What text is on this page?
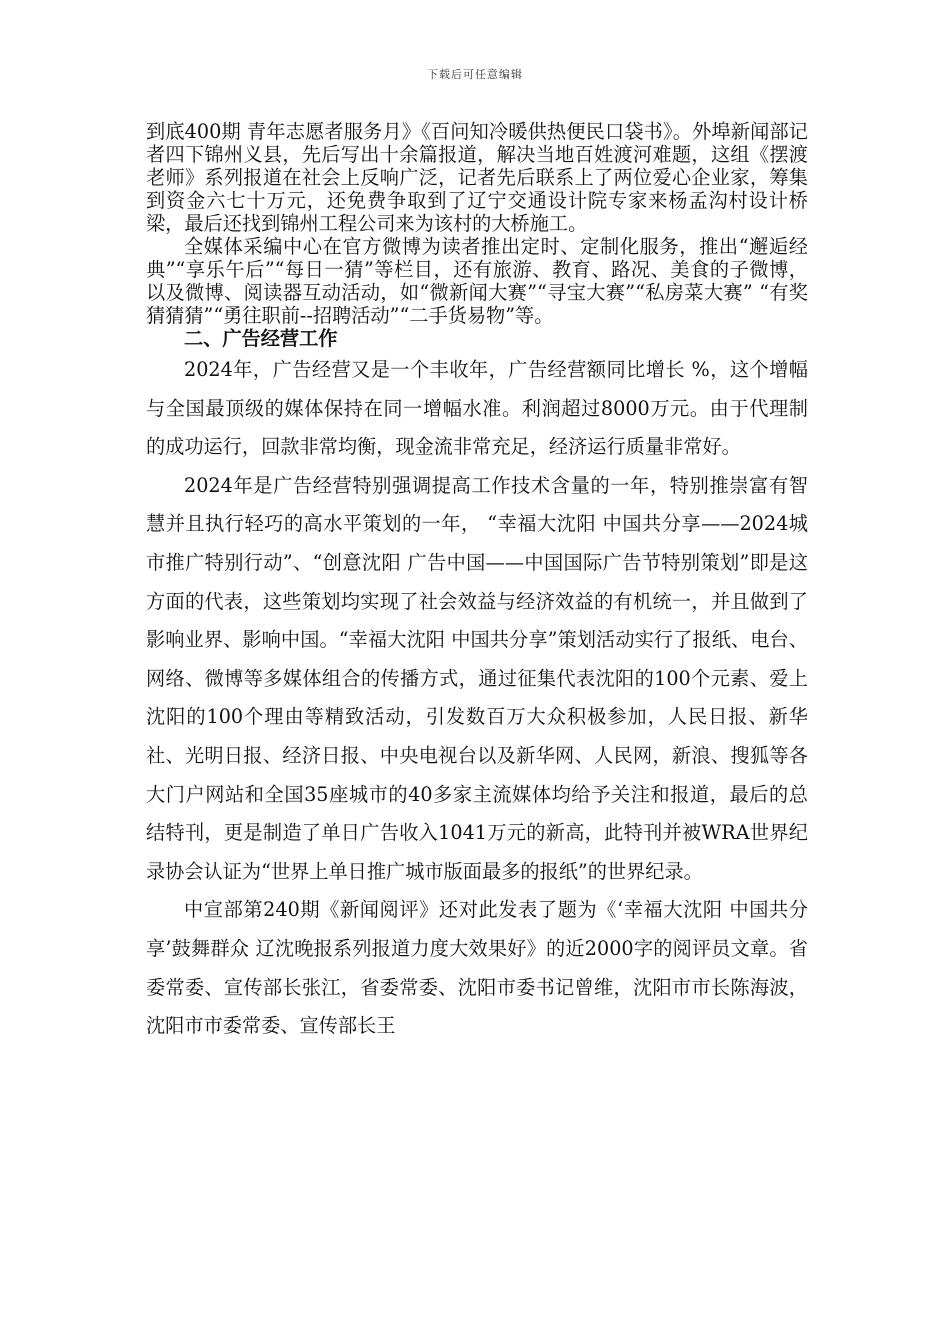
下载后可任意编辑

到底400期 青年志愿者服务月》《百问知冷暖供热便民口袋书》。外埠新闻部记者四下锦州义县，先后写出十余篇报道，解决当地百姓渡河难题，这组《摆渡老师》系列报道在社会上反响广泛，记者先后联系上了两位爱心企业家，筹集到资金六七十万元，还免费争取到了辽宁交通设计院专家来杨孟沟村设计桥梁，最后还找到锦州工程公司来为该村的大桥施工。

全媒体采编中心在官方微博为读者推出定时、定制化服务，推出“邂逅经典”“享乐午后”“每日一猜”等栏目，还有旅游、教育、路况、美食的子微博，以及微博、阅读器互动活动，如“微新闻大赛”“寻宝大赛”“私房菜大赛” “有奖猜猜猜”“勇往职前--招聘活动”“二手货易物”等。

二、广告经营工作

2024年，广告经营又是一个丰收年，广告经营额同比增长 %，这个增幅与全国最顶级的媒体保持在同一增幅水准。利润超过8000万元。由于代理制的成功运行，回款非常均衡，现金流非常充足，经济运行质量非常好。

2024年是广告经营特别强调提高工作技术含量的一年，特别推崇富有智慧并且执行轻巧的高水平策划的一年， “幸福大沈阳 中国共分享——2024城市推广特别行动”、“创意沈阳 广告中国——中国国际广告节特别策划”即是这方面的代表，这些策划均实现了社会效益与经济效益的有机统一，并且做到了影响业界、影响中国。“幸福大沈阳 中国共分享”策划活动实行了报纸、电台、网络、微博等多媒体组合的传播方式，通过征集代表沈阳的100个元素、爱上沈阳的100个理由等精致活动，引发数百万大众积极参加，人民日报、新华社、光明日报、经济日报、中央电视台以及新华网、人民网，新浪、搜狐等各大门户网站和全国35座城市的40多家主流媒体均给予关注和报道，最后的总结特刊，更是制造了单日广告收入1041万元的新高，此特刊并被WRA世界纪录协会认证为“世界上单日推广城市版面最多的报纸”的世界纪录。

中宣部第240期《新闻阅评》还对此发表了题为《‘幸福大沈阳 中国共分享’鼓舞群众 辽沈晚报系列报道力度大效果好》的近2000字的阅评员文章。省委常委、宣传部长张江，省委常委、沈阳市委书记曾维，沈阳市市长陈海波，沈阳市市委常委、宣传部长王
